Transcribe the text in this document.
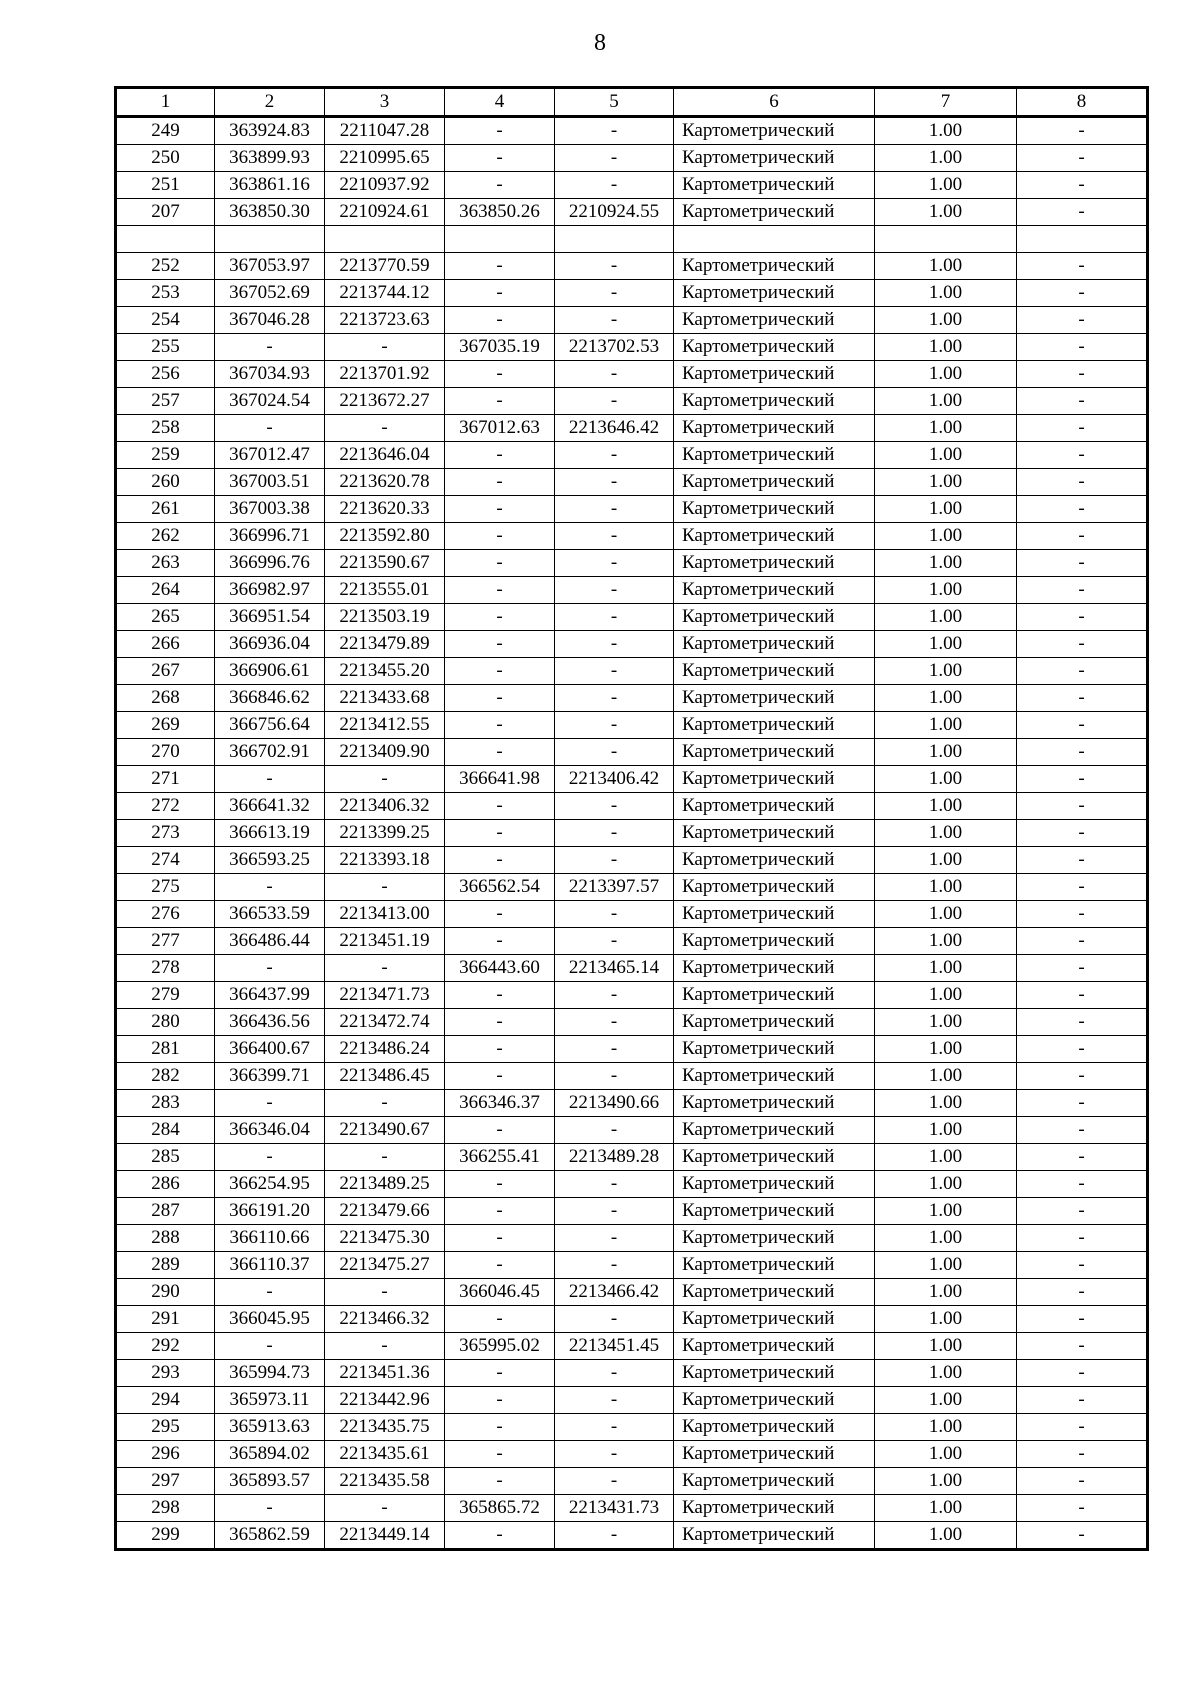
8
1	2	3	4	5	6	7	8
249	363924.83	2211047.28	-	-	Картометрический	1.00	-
250	363899.93	2210995.65	-	-	Картометрический	1.00	-
251	363861.16	2210937.92	-	-	Картометрический	1.00	-
207	363850.30	2210924.61	363850.26	2210924.55	Картометрический	1.00	-

252	367053.97	2213770.59	-	-	Картометрический	1.00	-
253	367052.69	2213744.12	-	-	Картометрический	1.00	-
254	367046.28	2213723.63	-	-	Картометрический	1.00	-
255	-	-	367035.19	2213702.53	Картометрический	1.00	-
256	367034.93	2213701.92	-	-	Картометрический	1.00	-
257	367024.54	2213672.27	-	-	Картометрический	1.00	-
258	-	-	367012.63	2213646.42	Картометрический	1.00	-
259	367012.47	2213646.04	-	-	Картометрический	1.00	-
260	367003.51	2213620.78	-	-	Картометрический	1.00	-
261	367003.38	2213620.33	-	-	Картометрический	1.00	-
262	366996.71	2213592.80	-	-	Картометрический	1.00	-
263	366996.76	2213590.67	-	-	Картометрический	1.00	-
264	366982.97	2213555.01	-	-	Картометрический	1.00	-
265	366951.54	2213503.19	-	-	Картометрический	1.00	-
266	366936.04	2213479.89	-	-	Картометрический	1.00	-
267	366906.61	2213455.20	-	-	Картометрический	1.00	-
268	366846.62	2213433.68	-	-	Картометрический	1.00	-
269	366756.64	2213412.55	-	-	Картометрический	1.00	-
270	366702.91	2213409.90	-	-	Картометрический	1.00	-
271	-	-	366641.98	2213406.42	Картометрический	1.00	-
272	366641.32	2213406.32	-	-	Картометрический	1.00	-
273	366613.19	2213399.25	-	-	Картометрический	1.00	-
274	366593.25	2213393.18	-	-	Картометрический	1.00	-
275	-	-	366562.54	2213397.57	Картометрический	1.00	-
276	366533.59	2213413.00	-	-	Картометрический	1.00	-
277	366486.44	2213451.19	-	-	Картометрический	1.00	-
278	-	-	366443.60	2213465.14	Картометрический	1.00	-
279	366437.99	2213471.73	-	-	Картометрический	1.00	-
280	366436.56	2213472.74	-	-	Картометрический	1.00	-
281	366400.67	2213486.24	-	-	Картометрический	1.00	-
282	366399.71	2213486.45	-	-	Картометрический	1.00	-
283	-	-	366346.37	2213490.66	Картометрический	1.00	-
284	366346.04	2213490.67	-	-	Картометрический	1.00	-
285	-	-	366255.41	2213489.28	Картометрический	1.00	-
286	366254.95	2213489.25	-	-	Картометрический	1.00	-
287	366191.20	2213479.66	-	-	Картометрический	1.00	-
288	366110.66	2213475.30	-	-	Картометрический	1.00	-
289	366110.37	2213475.27	-	-	Картометрический	1.00	-
290	-	-	366046.45	2213466.42	Картометрический	1.00	-
291	366045.95	2213466.32	-	-	Картометрический	1.00	-
292	-	-	365995.02	2213451.45	Картометрический	1.00	-
293	365994.73	2213451.36	-	-	Картометрический	1.00	-
294	365973.11	2213442.96	-	-	Картометрический	1.00	-
295	365913.63	2213435.75	-	-	Картометрический	1.00	-
296	365894.02	2213435.61	-	-	Картометрический	1.00	-
297	365893.57	2213435.58	-	-	Картометрический	1.00	-
298	-	-	365865.72	2213431.73	Картометрический	1.00	-
299	365862.59	2213449.14	-	-	Картометрический	1.00	-
